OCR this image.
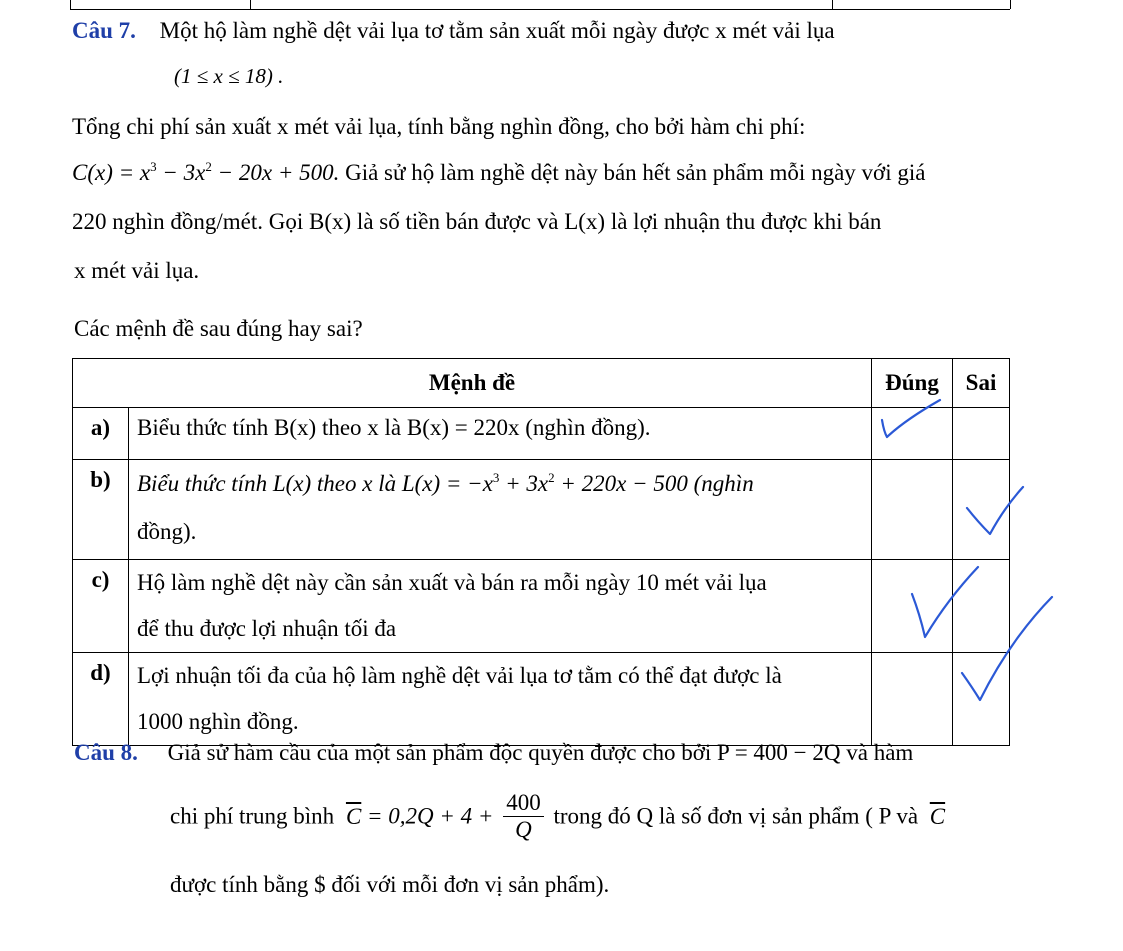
Câu 7. Một hộ làm nghề dệt vải lụa tơ tằm sản xuất mỗi ngày được x mét vải lụa
(1 ≤ x ≤ 18) .
Tổng chi phí sản xuất x mét vải lụa, tính bằng nghìn đồng, cho bởi hàm chi phí:
$C(x) = x^3 - 3x^2 - 20x + 500$. Giả sử hộ làm nghề dệt này bán hết sản phẩm mỗi ngày với giá
220 nghìn đồng/mét. Gọi B(x) là số tiền bán được và L(x) là lợi nhuận thu được khi bán
x mét vải lụa.
Các mệnh đề sau đúng hay sai?
Mệnh đề		Đúng	Sai
a)	Biểu thức tính B(x) theo x là B(x) = 220x (nghìn đồng).		
b)	Biểu thức tính L(x) theo x là $L(x) = -x^3 + 3x^2 + 220x - 500$ (nghìn
đồng).		

c)	Hộ làm nghề dệt này cần sản xuất và bán ra mỗi ngày 10 mét vải lụa
để thu được lợi nhuận tối đa		

d)	Lợi nhuận tối đa của hộ làm nghề dệt vải lụa tơ tằm có thể đạt được là
1000 nghìn đồng.		

Câu 8. Giả sử hàm cầu của một sản phẩm độc quyền được cho bởi P = 400 − 2Q và hàm
chi phí trung bình $\overline{C} = 0,2Q + 4 + \frac{400}{Q}$ trong đó Q là số đơn vị sản phẩm ( P và $\overline{C}$
được tính bằng $ đối với mỗi đơn vị sản phẩm).
